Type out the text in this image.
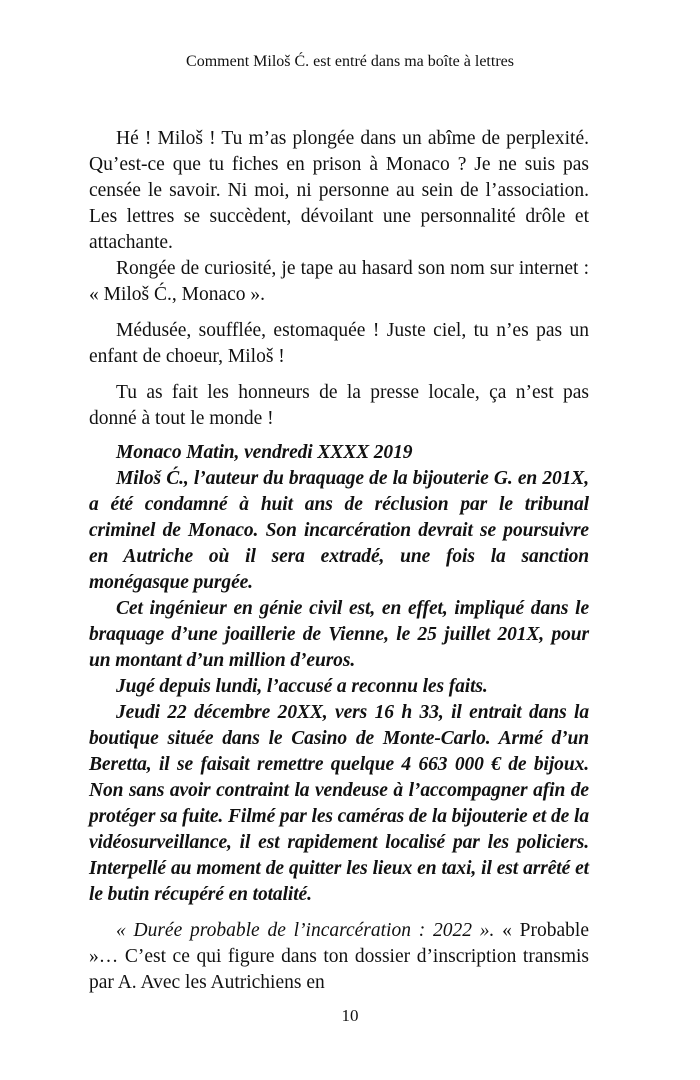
Comment Miloš Ć. est entré dans ma boîte à lettres

Hé ! Miloš ! Tu m’as plongée dans un abîme de perplexité. Qu’est-ce que tu fiches en prison à Monaco ? Je ne suis pas censée le savoir. Ni moi, ni personne au sein de l’association. Les lettres se succèdent, dévoilant une personnalité drôle et attachante.

Rongée de curiosité, je tape au hasard son nom sur internet : « Miloš Ć., Monaco ».

Médusée, soufflée, estomaquée ! Juste ciel, tu n’es pas un enfant de choeur, Miloš !

Tu as fait les honneurs de la presse locale, ça n’est pas donné à tout le monde !

Monaco Matin, vendredi XXXX 2019

Miloš Ć., l’auteur du braquage de la bijouterie G. en 201X, a été condamné à huit ans de réclusion par le tribunal criminel de Monaco. Son incarcération devrait se poursuivre en Autriche où il sera extradé, une fois la sanction monégasque purgée.

Cet ingénieur en génie civil est, en effet, impliqué dans le braquage d’une joaillerie de Vienne, le 25 juillet 201X, pour un montant d’un million d’euros.

Jugé depuis lundi, l’accusé a reconnu les faits.

Jeudi 22 décembre 20XX, vers 16 h 33, il entrait dans la boutique située dans le Casino de Monte-Carlo. Armé d’un Beretta, il se faisait remettre quelque 4 663 000 € de bijoux. Non sans avoir contraint la vendeuse à l’accompagner afin de protéger sa fuite. Filmé par les caméras de la bijouterie et de la vidéosurveillance, il est rapidement localisé par les policiers. Interpellé au moment de quitter les lieux en taxi, il est arrêté et le butin récupéré en totalité.

« Durée probable de l’incarcération : 2022 ». « Probable »… C’est ce qui figure dans ton dossier d’inscription transmis par A. Avec les Autrichiens en

10
